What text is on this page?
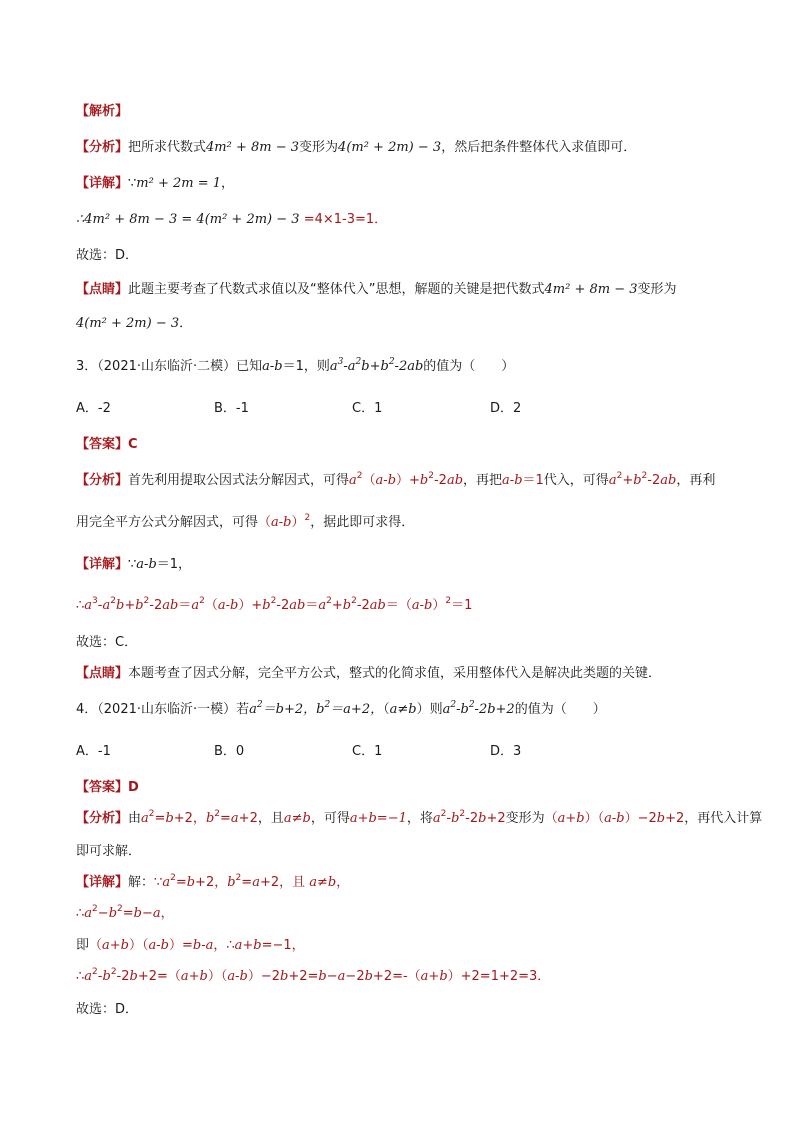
【解析】
【分析】把所求代数式4m² + 8m − 3变形为4(m² + 2m) − 3，然后把条件整体代入求值即可．
【详解】∵m² + 2m = 1，
∴4m² + 8m − 3 = 4(m² + 2m) − 3 =4×1-3=1．
故选：D．
【点睛】此题主要考查了代数式求值以及“整体代入”思想，解题的关键是把代数式4m² + 8m − 3变形为
4(m² + 2m) − 3．
3．（2021·山东临沂·二模）已知a-b＝1，则$a^3-a^2b+b^2-2ab$的值为（　　）
A．-2	B．-1	C．1	D．2
【答案】C
【分析】首先利用提取公因式法分解因式，可得$a^2(a-b)+b^2-2ab$，再把a-b＝1代入，可得$a^2+b^2-2ab$，再利
用完全平方公式分解因式，可得$(a-b)^2$，据此即可求得．
【详解】∵a-b＝1，
$\therefore a^3-a^2b+b^2-2ab=a^2(a-b)+b^2-2ab=a^2+b^2-2ab=(a-b)^2=1$
故选：C．
【点睛】本题考查了因式分解，完全平方公式，整式的化简求值，采用整体代入是解决此类题的关键．
4．（2021·山东临沂·一模）若$a^2=b+2$，$b^2=a+2$，（a≠b）则$a^2-b^2-2b+2$的值为（　　）
A．-1	B．0	C．1	D．3
【答案】D
【分析】由$a^2=b+2$，$b^2=a+2$，且a≠b，可得a+b=−1，将$a^2-b^2-2b+2$变形为（a+b）（a-b）−2b+2，再代入计算
即可求解．
【详解】解：$\because a^2=b+2$，$b^2=a+2$，且 a≠b，
$\therefore a^2-b^2=b-a$，
即（a+b）（a-b）=b-a，∴a+b=−1，
$\therefore a^2-b^2-2b+2=(a+b)(a-b)-2b+2=b-a-2b+2=-(a+b)+2=1+2=3$．
故选：D．
